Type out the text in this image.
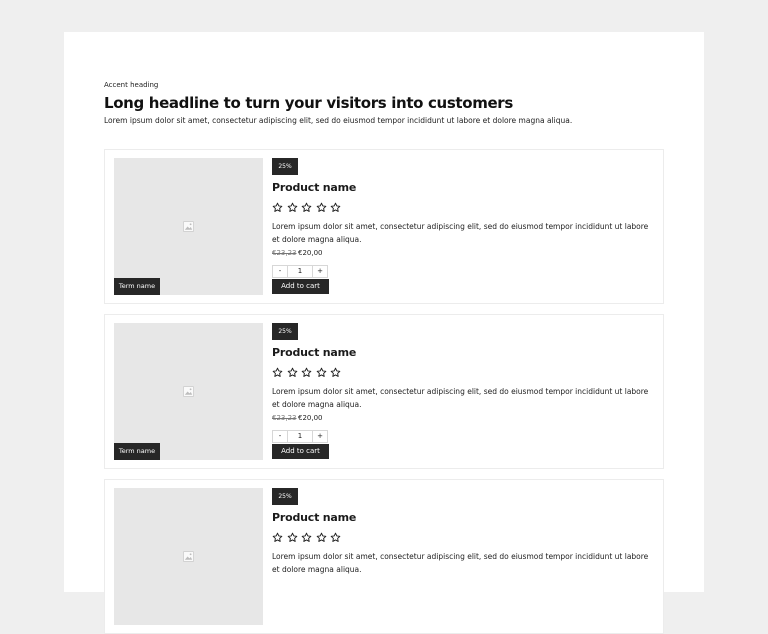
Accent heading
Long headline to turn your visitors into customers
Lorem ipsum dolor sit amet, consectetur adipiscing elit, sed do eiusmod tempor incididunt ut labore et dolore magna aliqua.
Term name
25%
Product name
Lorem ipsum dolor sit amet, consectetur adipiscing elit, sed do eiusmod tempor incididunt ut labore et dolore magna aliqua.
€23,23 €20,00
-	1	+
Add to cart
Term name
25%
Product name
Lorem ipsum dolor sit amet, consectetur adipiscing elit, sed do eiusmod tempor incididunt ut labore et dolore magna aliqua.
€23,23 €20,00
-	1	+
Add to cart
25%
Product name
Lorem ipsum dolor sit amet, consectetur adipiscing elit, sed do eiusmod tempor incididunt ut labore et dolore magna aliqua.
